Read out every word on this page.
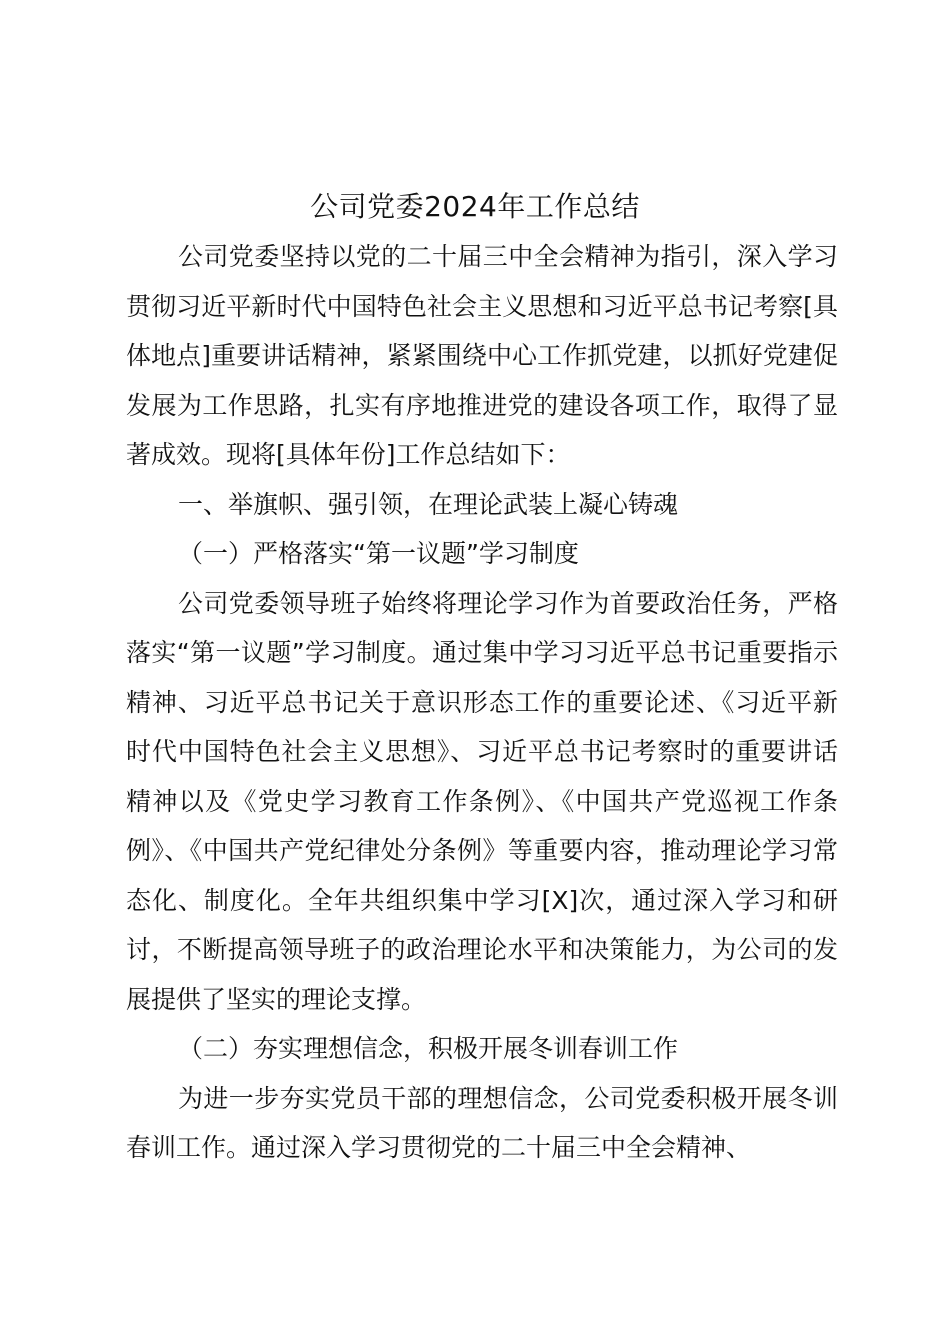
公司党委2024年工作总结

公司党委坚持以党的二十届三中全会精神为指引，深入学习贯彻习近平新时代中国特色社会主义思想和习近平总书记考察[具体地点]重要讲话精神，紧紧围绕中心工作抓党建，以抓好党建促发展为工作思路，扎实有序地推进党的建设各项工作，取得了显著成效。现将[具体年份]工作总结如下：

一、举旗帜、强引领，在理论武装上凝心铸魂

（一）严格落实“第一议题”学习制度

公司党委领导班子始终将理论学习作为首要政治任务，严格落实“第一议题”学习制度。通过集中学习习近平总书记重要指示精神、习近平总书记关于意识形态工作的重要论述、《习近平新时代中国特色社会主义思想》、习近平总书记考察时的重要讲话精神以及《党史学习教育工作条例》、《中国共产党巡视工作条例》、《中国共产党纪律处分条例》等重要内容，推动理论学习常态化、制度化。全年共组织集中学习[X]次，通过深入学习和研讨，不断提高领导班子的政治理论水平和决策能力，为公司的发展提供了坚实的理论支撑。

（二）夯实理想信念，积极开展冬训春训工作

为进一步夯实党员干部的理想信念，公司党委积极开展冬训春训工作。通过深入学习贯彻党的二十届三中全会精神、
